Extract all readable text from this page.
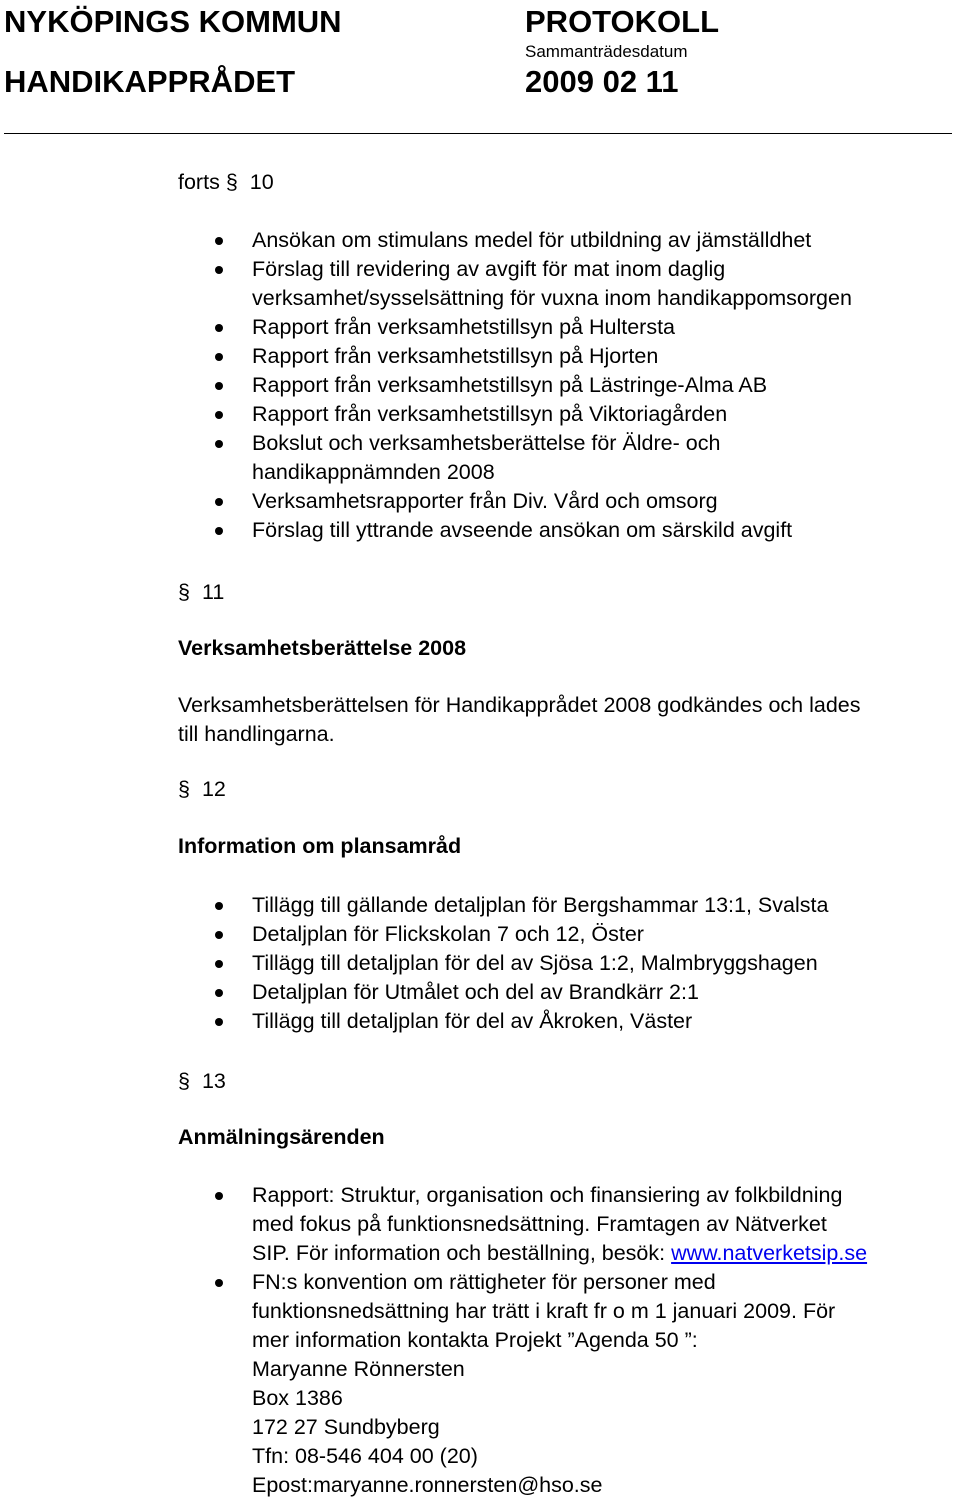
NYKÖPINGS KOMMUN	PROTOKOLL
Sammanträdesdatum
HANDIKAPPRÅDET	2009 02 11
forts § 10
Ansökan om stimulans medel för utbildning av jämställdhet
Förslag till revidering av avgift för mat inom daglig
verksamhet/sysselsättning för vuxna inom handikappomsorgen
Rapport från verksamhetstillsyn på Hultersta
Rapport från verksamhetstillsyn på Hjorten
Rapport från verksamhetstillsyn på Lästringe-Alma AB
Rapport från verksamhetstillsyn på Viktoriagården
Bokslut och verksamhetsberättelse för Äldre- och
handikappnämnden 2008
Verksamhetsrapporter från Div. Vård och omsorg
Förslag till yttrande avseende ansökan om särskild avgift
§ 11
Verksamhetsberättelse 2008
Verksamhetsberättelsen för Handikapprådet 2008 godkändes och lades
till handlingarna.
§ 12
Information om plansamråd
Tillägg till gällande detaljplan för Bergshammar 13:1, Svalsta
Detaljplan för Flickskolan 7 och 12, Öster
Tillägg till detaljplan för del av Sjösa 1:2, Malmbryggshagen
Detaljplan för Utmålet och del av Brandkärr 2:1
Tillägg till detaljplan för del av Åkroken, Väster
§ 13
Anmälningsärenden
Rapport: Struktur, organisation och finansiering av folkbildning
med fokus på funktionsnedsättning. Framtagen av Nätverket
SIP. För information och beställning, besök: www.natverketsip.se
FN:s konvention om rättigheter för personer med
funktionsnedsättning har trätt i kraft fr o m 1 januari 2009. För
mer information kontakta Projekt ”Agenda 50 ”:
Maryanne Rönnersten
Box 1386
172 27 Sundbyberg
Tfn: 08-546 404 00 (20)
Epost:maryanne.ronnersten@hso.se
